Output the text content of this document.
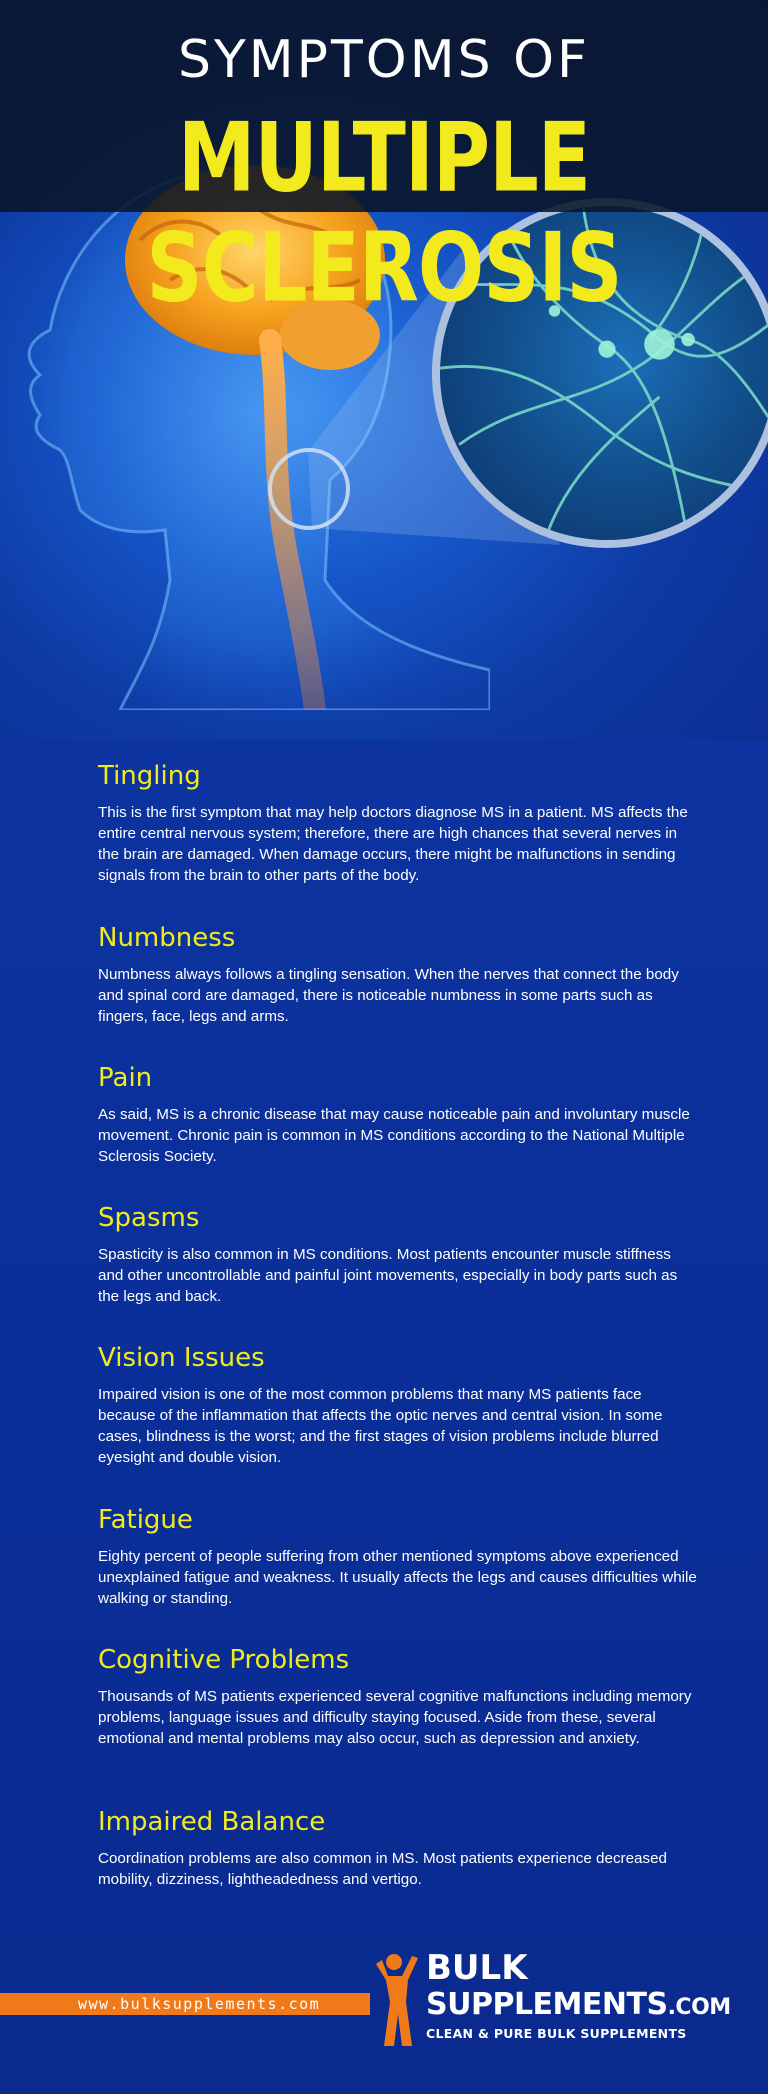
SYMPTOMS OF
MULTIPLE SCLEROSIS
Tingling

This is the first symptom that may help doctors diagnose MS in a patient. MS affects the entire central nervous system; therefore, there are high chances that several nerves in the brain are damaged. When damage occurs, there might be malfunctions in sending signals from the brain to other parts of the body.

Numbness

Numbness always follows a tingling sensation. When the nerves that connect the body and spinal cord are damaged, there is noticeable numbness in some parts such as fingers, face, legs and arms.

Pain

As said, MS is a chronic disease that may cause noticeable pain and involuntary muscle movement. Chronic pain is common in MS conditions according to the National Multiple Sclerosis Society.

Spasms

Spasticity is also common in MS conditions. Most patients encounter muscle stiffness and other uncontrollable and painful joint movements, especially in body parts such as the legs and back.

Vision Issues

Impaired vision is one of the most common problems that many MS patients face because of the inflammation that affects the optic nerves and central vision. In some cases, blindness is the worst; and the first stages of vision problems include blurred eyesight and double vision.

Fatigue

Eighty percent of people suffering from other mentioned symptoms above experienced unexplained fatigue and weakness. It usually affects the legs and causes difficulties while walking or standing.

Cognitive Problems

Thousands of MS patients experienced several cognitive malfunctions including memory problems, language issues and difficulty staying focused. Aside from these, several emotional and mental problems may also occur, such as depression and anxiety.

Impaired Balance

Coordination problems are also common in MS. Most patients experience decreased mobility, dizziness, lightheadedness and vertigo.

www.bulksupplements.com
BULK
SUPPLEMENTS.COM
CLEAN & PURE BULK SUPPLEMENTS
